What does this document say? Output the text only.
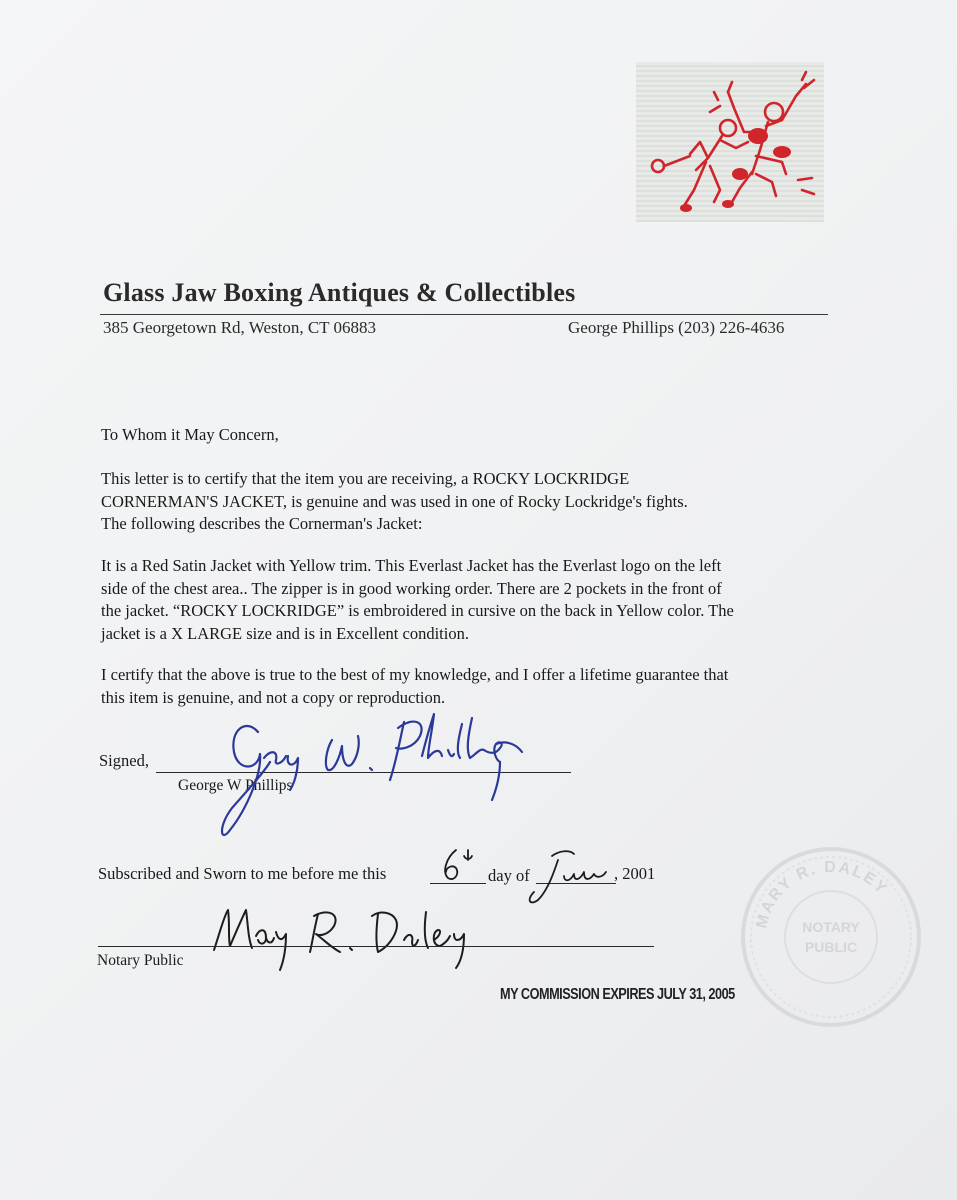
Glass Jaw Boxing Antiques & Collectibles
385 Georgetown Rd, Weston, CT 06883	George Phillips (203) 226-4636
To Whom it May Concern,
This letter is to certify that the item you are receiving, a ROCKY LOCKRIDGE
CORNERMAN'S JACKET, is genuine and was used in one of Rocky Lockridge's fights.
The following describes the Cornerman's Jacket:
It is a Red Satin Jacket with Yellow trim. This Everlast Jacket has the Everlast logo on the left
side of the chest area.. The zipper is in good working order. There are 2 pockets in the front of
the jacket. “ROCKY LOCKRIDGE” is embroidered in cursive on the back in Yellow color. The
jacket is a X LARGE size and is in Excellent condition.
I certify that the above is true to the best of my knowledge, and I offer a lifetime guarantee that
this item is genuine, and not a copy or reproduction.
Signed,
George W Phillips
Subscribed and Sworn to me before me this	day of	, 2001
Notary Public
MY COMMISSION EXPIRES JULY 31, 2005
MARY R. DALEY
NOTARY
PUBLIC
